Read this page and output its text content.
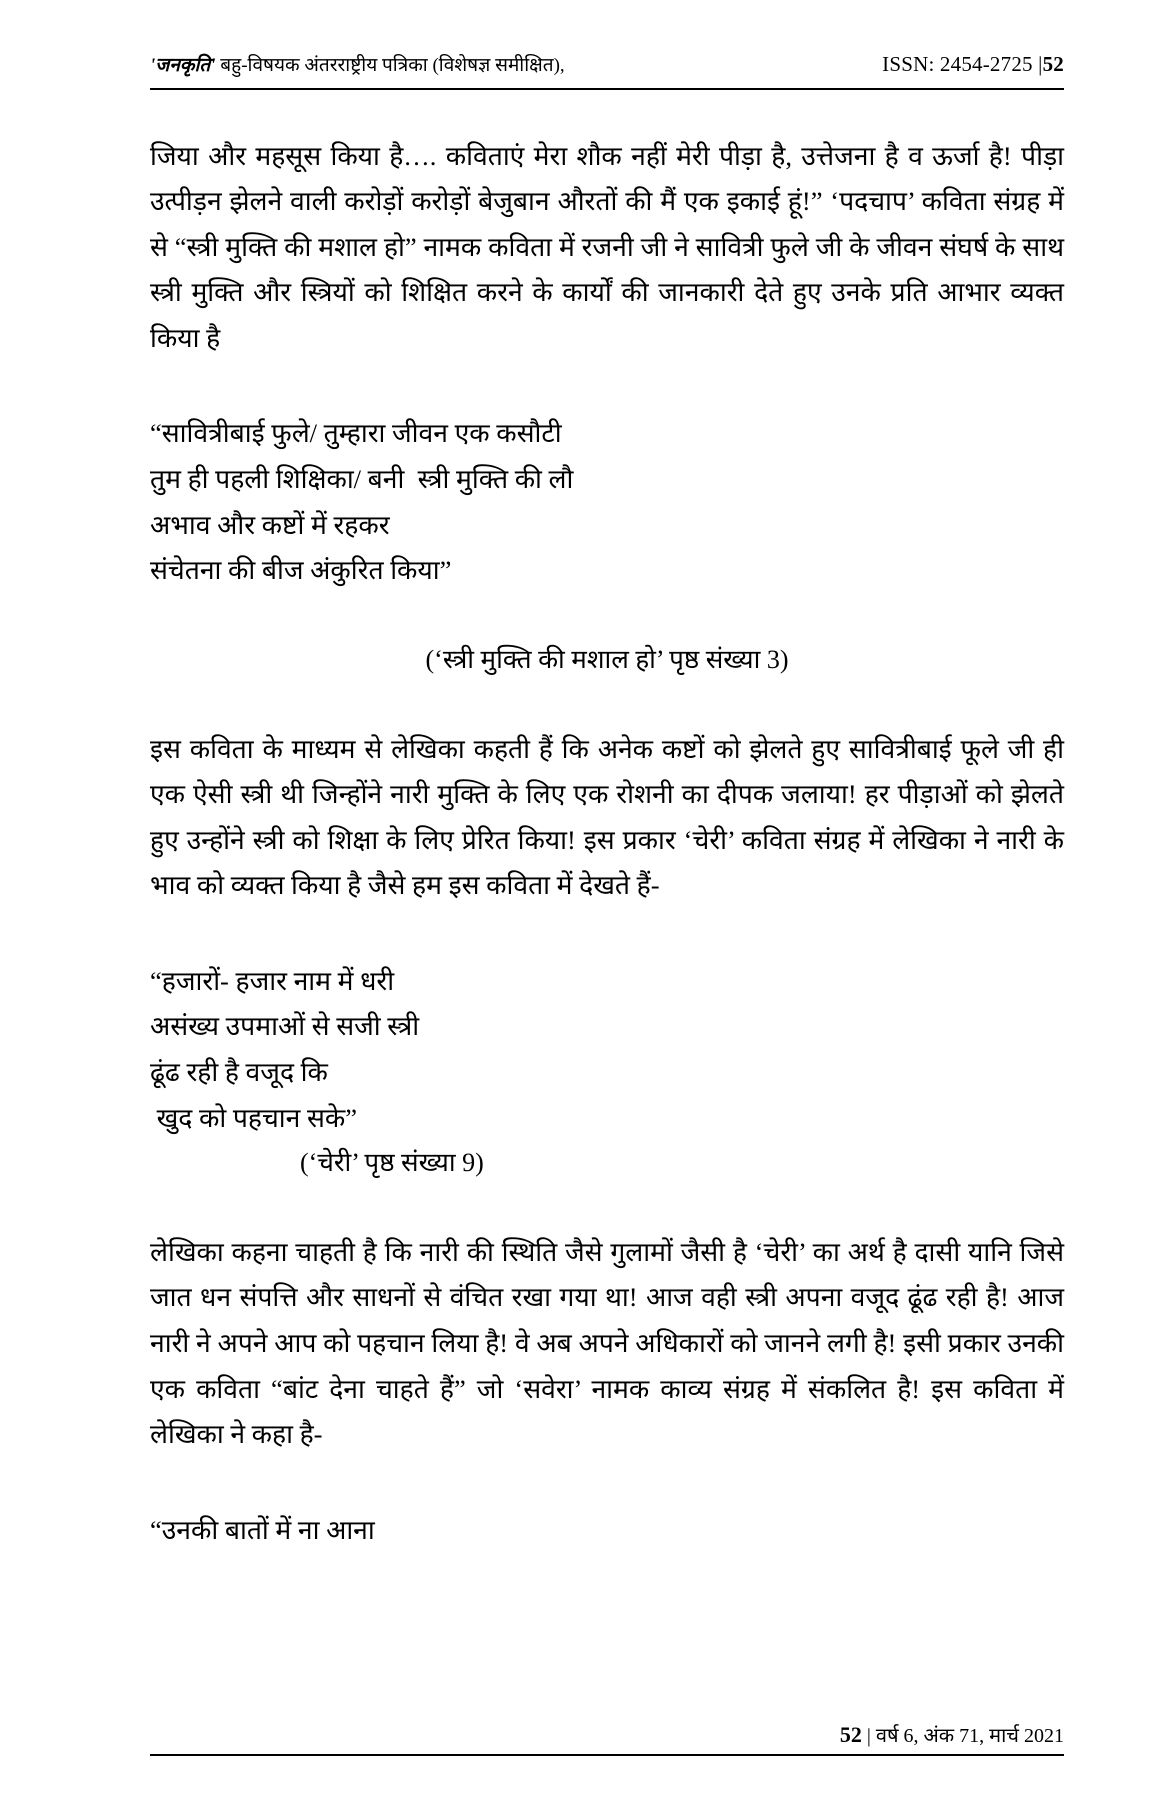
'जनकृति' बहु-विषयक अंतरराष्ट्रीय पत्रिका (विशेषज्ञ समीक्षित),	ISSN: 2454-2725 |52

जिया और महसूस किया है…. कविताएं मेरा शौक नहीं मेरी पीड़ा है, उत्तेजना है व ऊर्जा है! पीड़ा उत्पीड़न झेलने वाली करोड़ों करोड़ों बेजुबान औरतों की मैं एक इकाई हूं!” ‘पदचाप’ कविता संग्रह में से “स्त्री मुक्ति की मशाल हो” नामक कविता में रजनी जी ने सावित्री फुले जी के जीवन संघर्ष के साथ स्त्री मुक्ति और स्त्रियों को शिक्षित करने के कार्यों की जानकारी देते हुए उनके प्रति आभार व्यक्त किया है

“सावित्रीबाई फुले/ तुम्हारा जीवन एक कसौटी
तुम ही पहली शिक्षिका/ बनी  स्त्री मुक्ति की लौ
अभाव और कष्टों में रहकर
संचेतना की बीज अंकुरित किया”

(‘स्त्री मुक्ति की मशाल हो’ पृष्ठ संख्या 3)

इस कविता के माध्यम से लेखिका कहती हैं कि अनेक कष्टों को झेलते हुए सावित्रीबाई फूले जी ही एक ऐसी स्त्री थी जिन्होंने नारी मुक्ति के लिए एक रोशनी का दीपक जलाया! हर पीड़ाओं को झेलते हुए उन्होंने स्त्री को शिक्षा के लिए प्रेरित किया! इस प्रकार ‘चेरी’ कविता संग्रह में लेखिका ने नारी के भाव को व्यक्त किया है जैसे हम इस कविता में देखते हैं-

“हजारों- हजार नाम में धरी
असंख्य उपमाओं से सजी स्त्री
ढूंढ रही है वजूद कि
खुद को पहचान सके”

(‘चेरी’ पृष्ठ संख्या 9)

लेखिका कहना चाहती है कि नारी की स्थिति जैसे गुलामों जैसी है ‘चेरी’ का अर्थ है दासी यानि जिसे जात धन संपत्ति और साधनों से वंचित रखा गया था! आज वही स्त्री अपना वजूद ढूंढ रही है! आज नारी ने अपने आप को पहचान लिया है! वे अब अपने अधिकारों को जानने लगी है! इसी प्रकार उनकी एक कविता “बांट देना चाहते हैं” जो ‘सवेरा’ नामक काव्य संग्रह में संकलित है! इस कविता में लेखिका ने कहा है-

“उनकी बातों में ना आना
52 | वर्ष 6, अंक 71, मार्च 2021
